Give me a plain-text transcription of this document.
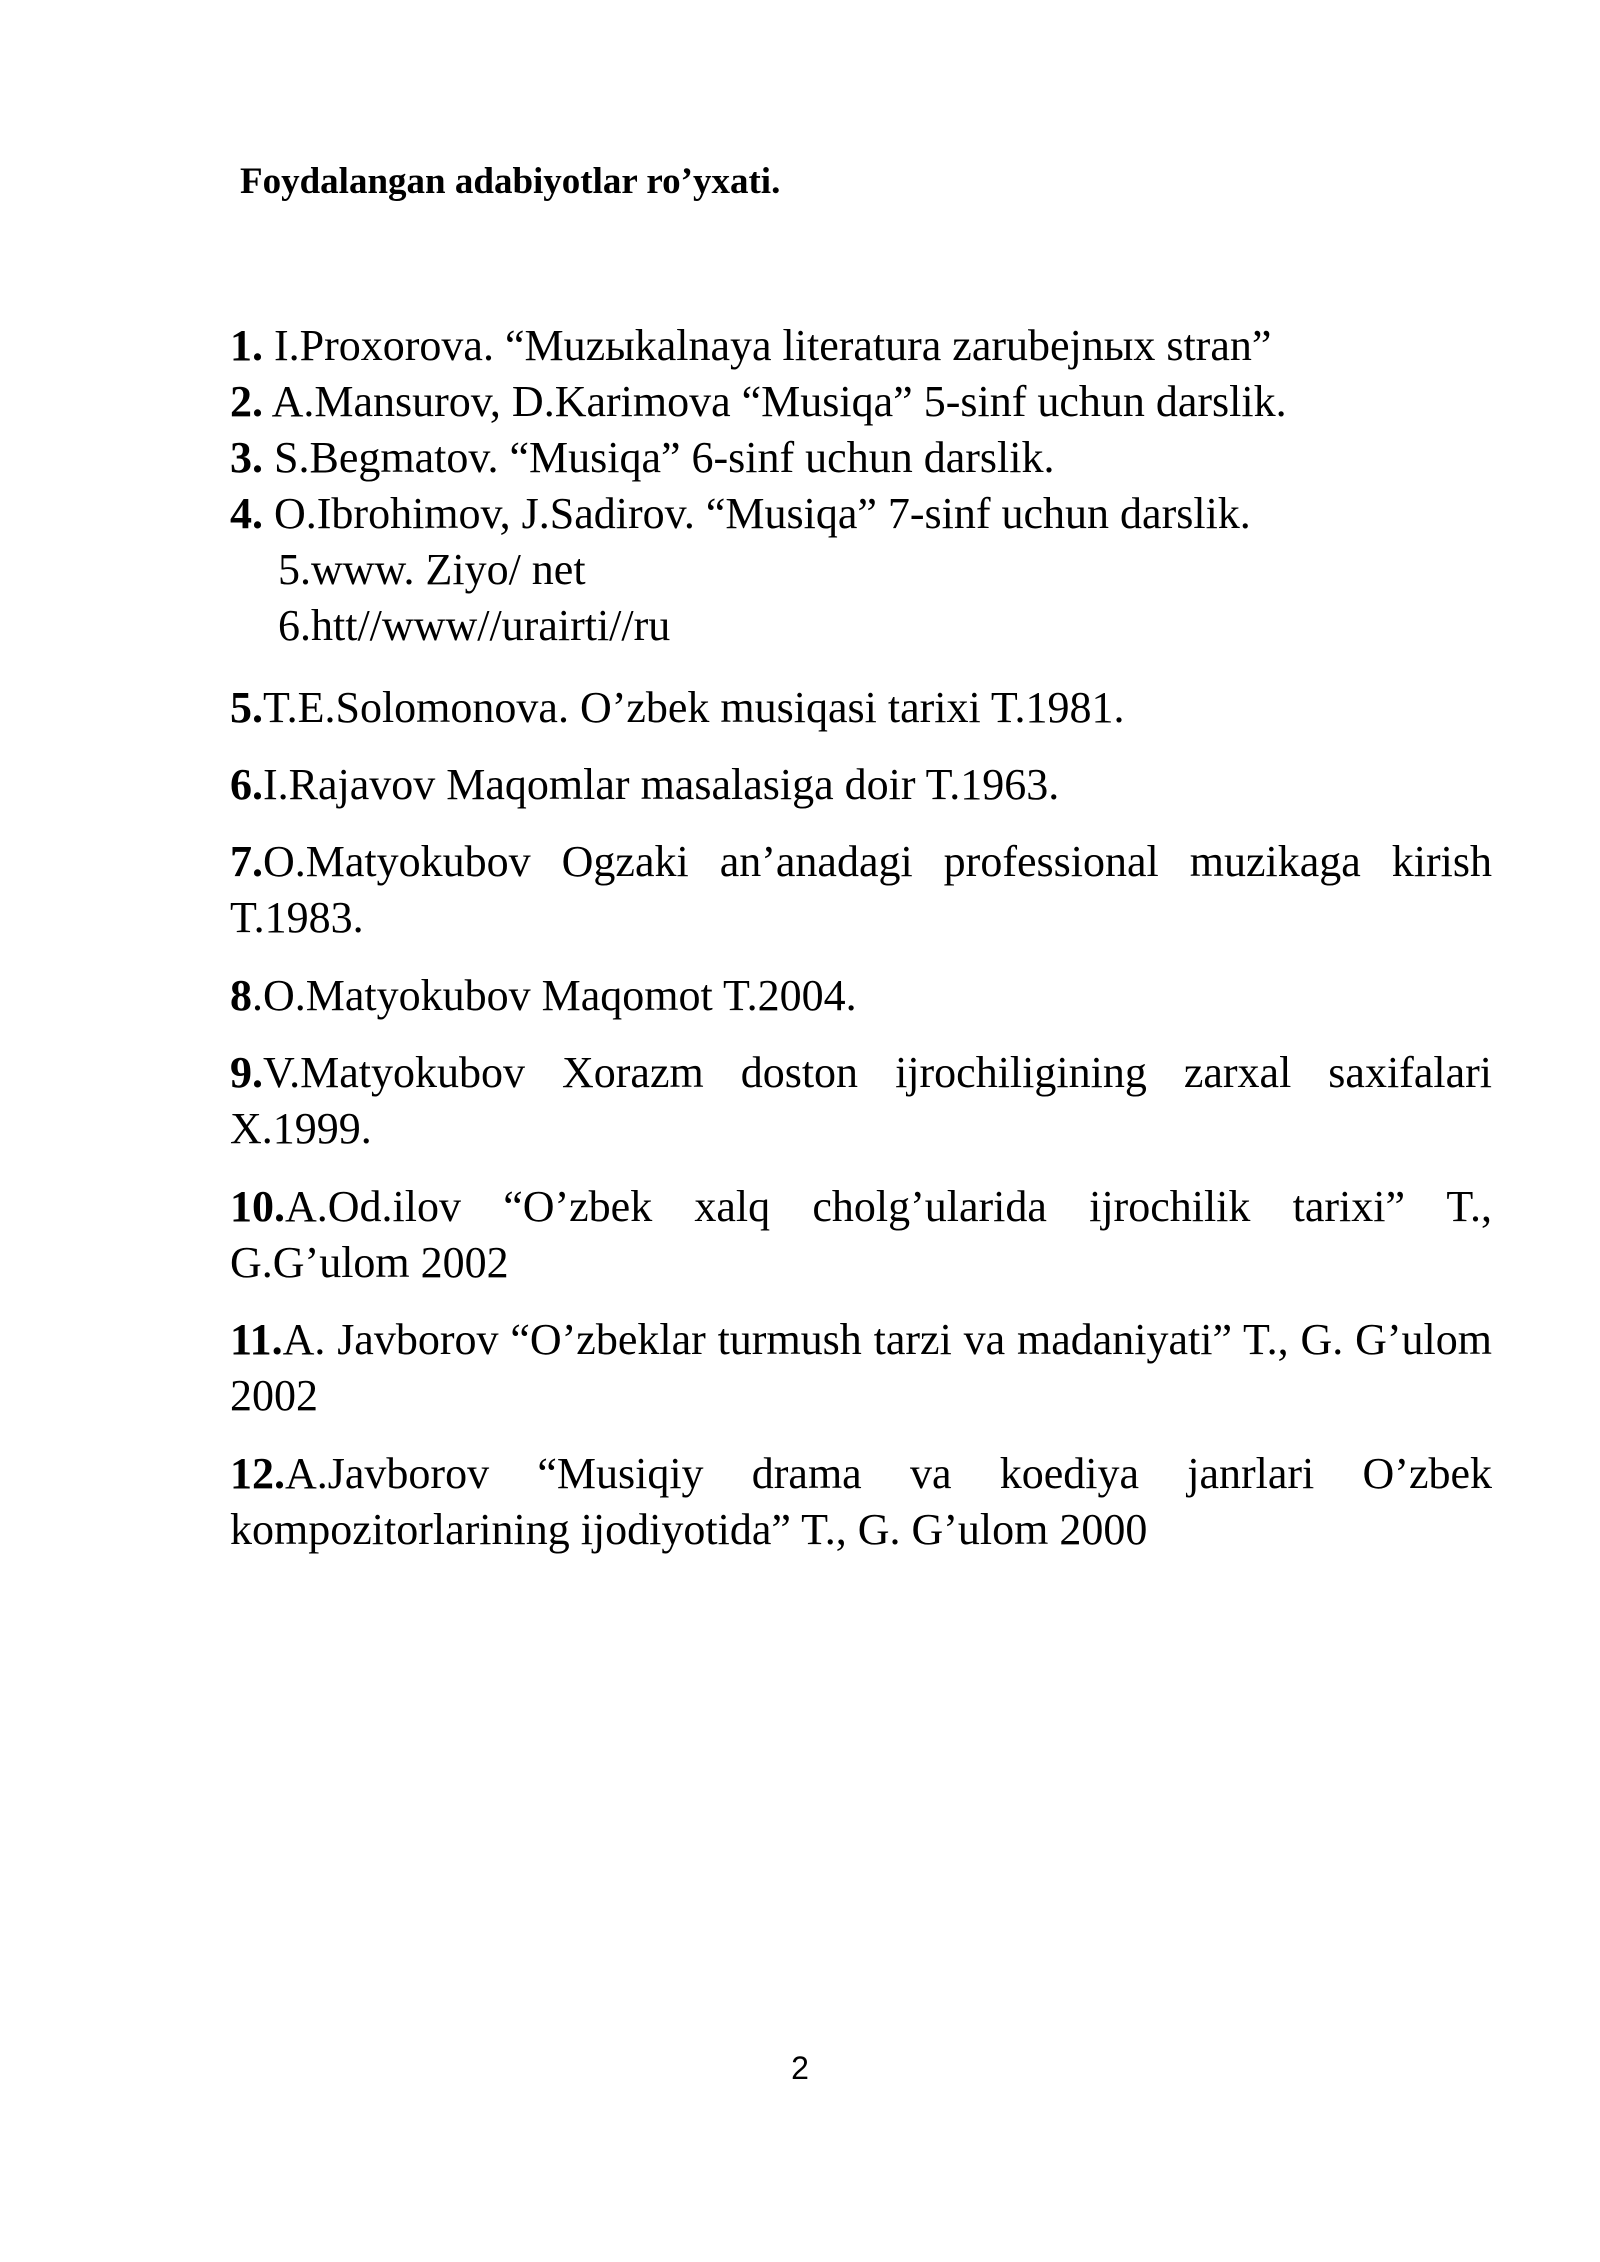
Foydalangan adabiyotlar ro’yxati.
1. I.Proxorova. “Muzыkalnaya literatura zarubejnыx stran”
2. A.Mansurov, D.Karimova “Musiqa” 5-sinf uchun darslik.
3. S.Begmatov. “Musiqa” 6-sinf uchun darslik.
4. O.Ibrohimov, J.Sadirov. “Musiqa” 7-sinf uchun darslik.
5.www. Ziyo/ net
6.htt//www//urairti//ru
5.T.E.Solomonova. O’zbek musiqasi tarixi T.1981.
6.I.Rajavov Maqomlar masalasiga doir T.1963.
7.O.Matyokubov Ogzaki an’anadagi professional muzikaga kirish T.1983.
8.O.Matyokubov Maqomot T.2004.
9.V.Matyokubov Xorazm doston ijrochiligining zarxal saxifalari X.1999.
10.A.Od.ilov “O’zbek xalq cholg’ularida ijrochilik tarixi” T., G.G’ulom 2002
11.A. Javborov “O’zbeklar turmush tarzi va madaniyati” T., G. G’ulom 2002
12.A.Javborov “Musiqiy drama va koediya janrlari O’zbek kompozitorlarining ijodiyotida” T., G. G’ulom 2000
2
